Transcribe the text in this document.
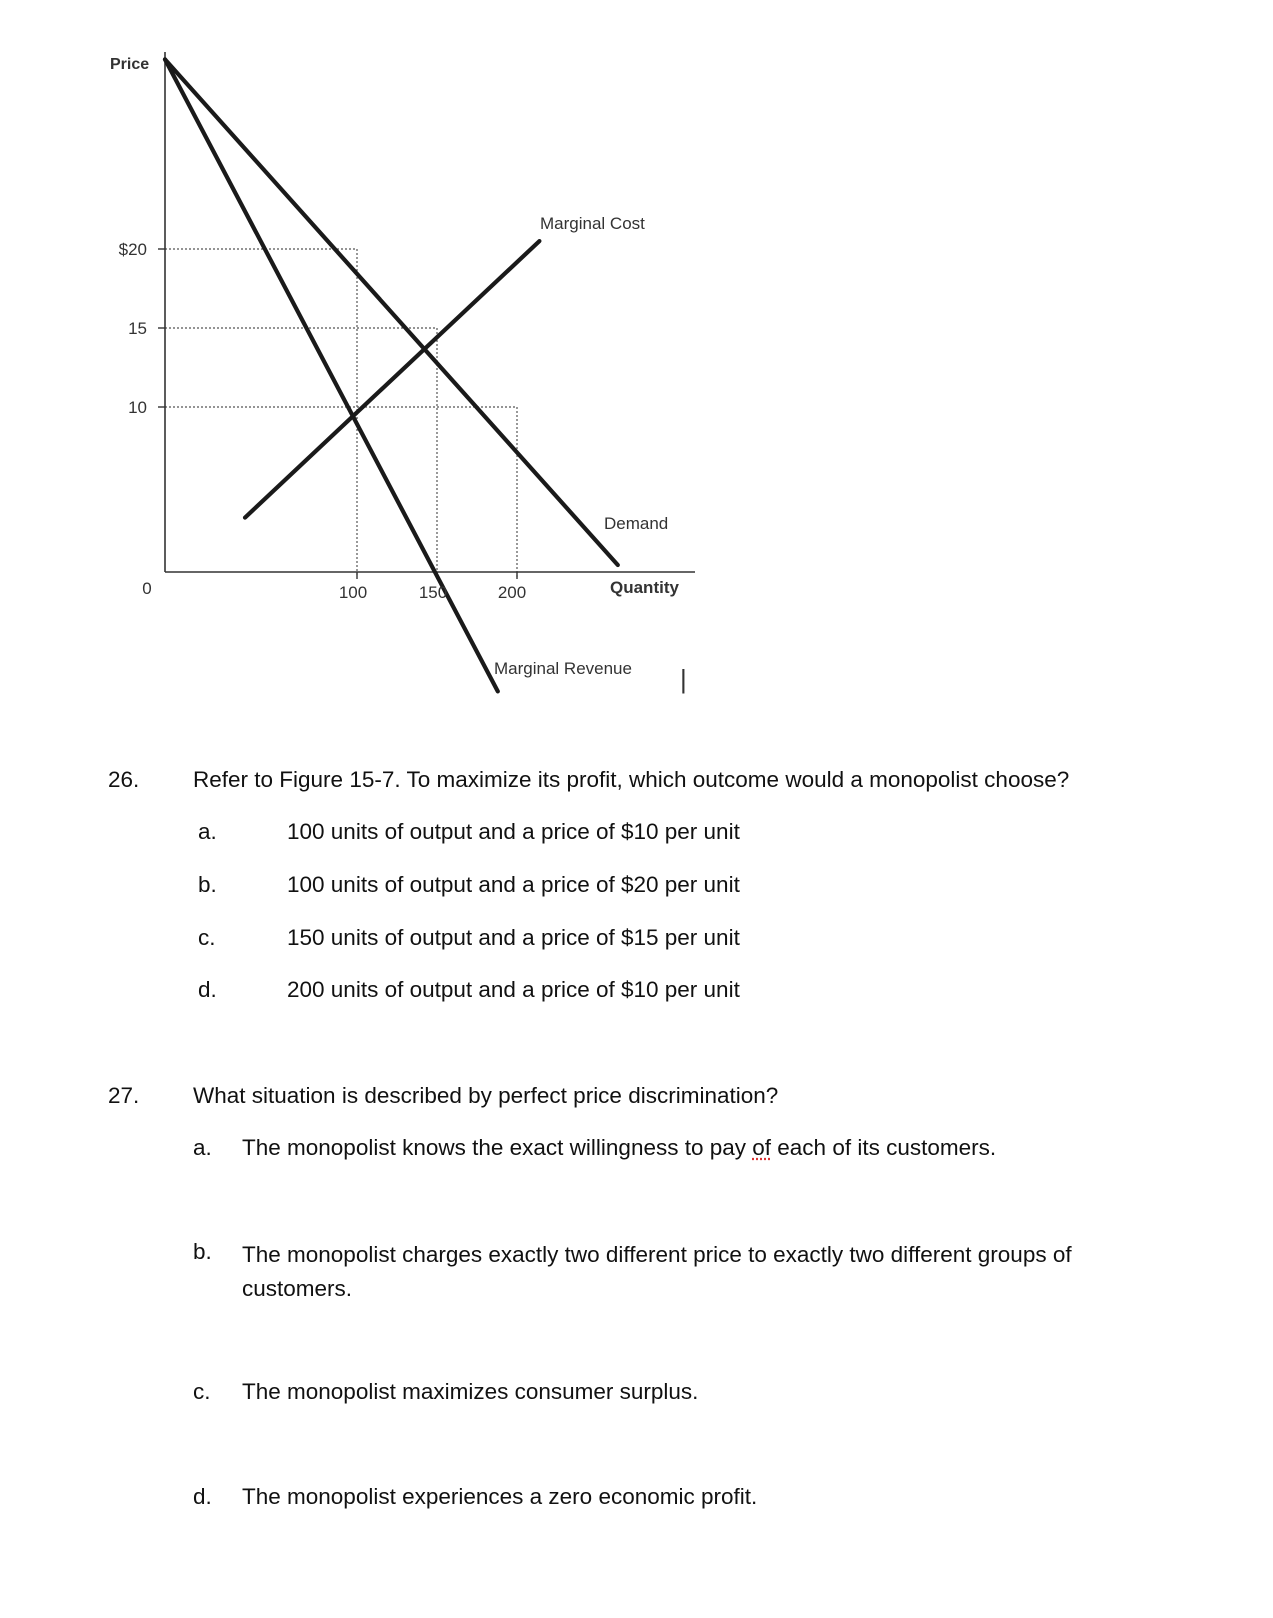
Price
$20
15
10
0	100	150	200	Quantity
Demand
Marginal Cost
Marginal Revenue |
26. Refer to Figure 15-7. To maximize its profit, which outcome would a monopolist choose?
a.	100 units of output and a price of $10 per unit
b.	100 units of output and a price of $20 per unit
c.	150 units of output and a price of $15 per unit
d.	200 units of output and a price of $10 per unit
27. What situation is described by perfect price discrimination?
a. The monopolist knows the exact willingness to pay of each of its customers.
b. The monopolist charges exactly two different price to exactly two different groups of customers.
c. The monopolist maximizes consumer surplus.
d. The monopolist experiences a zero economic profit.
